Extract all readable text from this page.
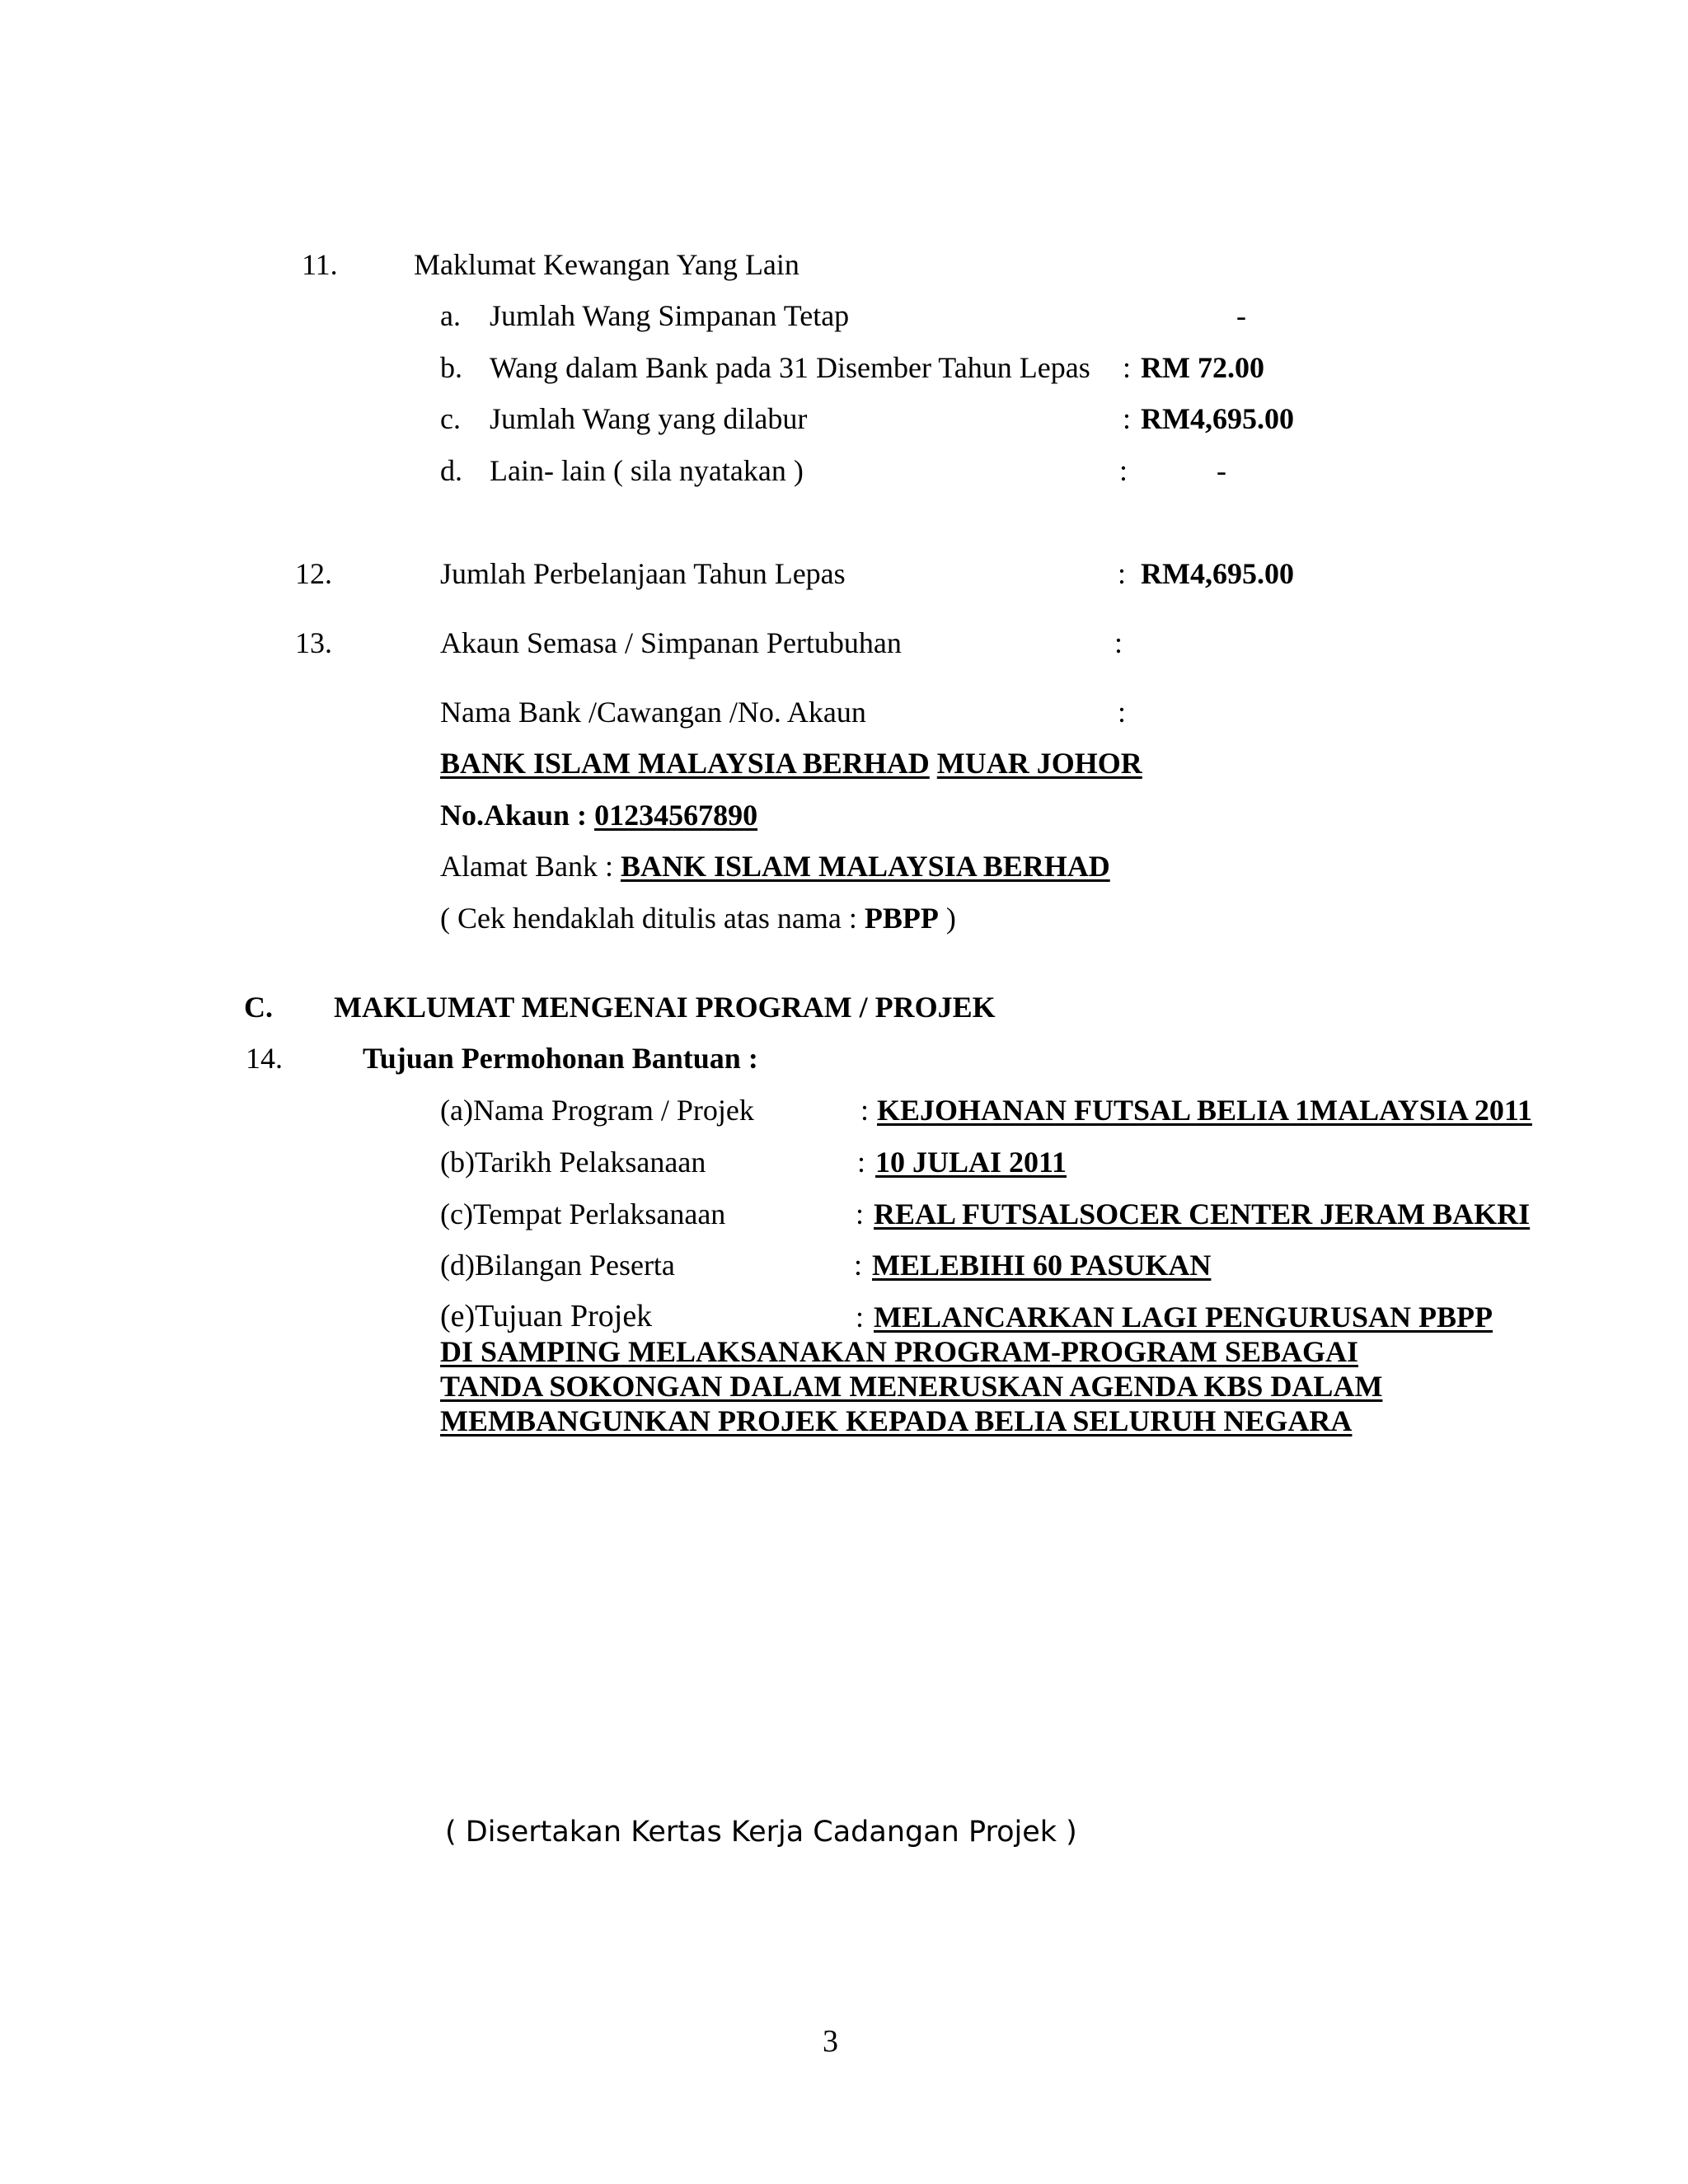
11.	Maklumat Kewangan Yang Lain
a. Jumlah Wang Simpanan Tetap	-
b. Wang dalam Bank pada 31 Disember Tahun Lepas : RM 72.00
c. Jumlah Wang yang dilabur	: RM4,695.00
d. Lain- lain ( sila nyatakan )	:	-
12.	Jumlah Perbelanjaan Tahun Lepas	: RM4,695.00
13.	Akaun Semasa / Simpanan Pertubuhan	:
Nama Bank /Cawangan /No. Akaun	:
BANK ISLAM MALAYSIA BERHAD MUAR JOHOR
No.Akaun : 01234567890
Alamat Bank : BANK ISLAM MALAYSIA BERHAD
( Cek hendaklah ditulis atas nama : PBPP )
C. MAKLUMAT MENGENAI PROGRAM / PROJEK
14.	Tujuan Permohonan Bantuan :
(a)Nama Program / Projek	: KEJOHANAN FUTSAL BELIA 1MALAYSIA 2011
(b)Tarikh Pelaksanaan	: 10 JULAI 2011
(c)Tempat Perlaksanaan	: REAL FUTSALSOCER CENTER JERAM BAKRI
(d)Bilangan Peserta	: MELEBIHI 60 PASUKAN
(e)Tujuan Projek	: MELANCARKAN LAGI PENGURUSAN PBPP
DI SAMPING MELAKSANAKAN PROGRAM-PROGRAM SEBAGAI
TANDA SOKONGAN DALAM MENERUSKAN AGENDA KBS DALAM
MEMBANGUNKAN PROJEK KEPADA BELIA SELURUH NEGARA
( Disertakan Kertas Kerja Cadangan Projek )
3
